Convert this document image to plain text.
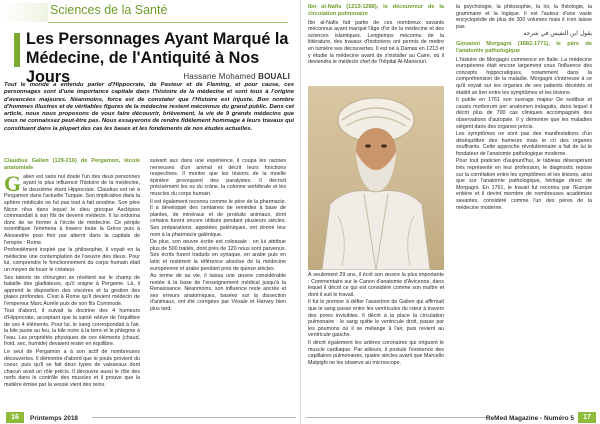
Sciences de la Santé
Les Personnages Ayant Marqué la Médecine, de l'Antiquité à Nos Jours	Hassane Mohamed BOUALI

Tout le monde a entendu parler d'Hippocrate, de Pasteur et de Fleming, et pour cause, ces personnages sont d'une importance capitale dans l'histoire de la médecine et sont tous à l'origine d'avancées majeures. Néanmoins, force est de constater que l'Histoire est injuste. Bon nombre d'hommes illustres et de véritables figures de la médecine restent méconnus du grand public. Dans cet article, nous nous proposons de vous faire découvrir, brièvement, la vie de 9 grands médecins que vous ne connaissez peut-être pas. Nous essayerons de rendre fidèlement hommage à leurs travaux qui constituent dans la plupart des cas les bases et les fondements de nos études actuelles.

Claudius Galien (129-216) de Pergamon, lécole anatomiale

Galien est sans nul doute l'un des deux personnes ayant le plus influencé l'histoire de la médecine, le deuxième étant Hippocrate. Claudius est né à Pergamon dans l'actuelle Turquie. Son implication dans la sphère médicale ne fut pas tout à fait anodine. Son père Nicon rêva dans lequel le dieu grecque Asclépios commandait à son fils de devenir médecin. Il lui ordonna donc de se former à l'école de médecine. Ce périple scientifique l'emmena à travers toute la Grèce puis à Alexandrie pour finir par atterrir dans la capitale de l'empire : Rome.

Profondément inspiré par la philosophie, il voyait en la médecine une contemplation de l'oeuvre des dieux. Pour lui, comprendre le fonctionnement du corps humain était un moyen de louer le créateur.

Ses talents de chirurgien se révèlent sur le champ de bataille des gladiateurs, qu'il soigne à Pergame. Là, il apprend la disposition des viscères et la gestion des plaies profondes. C'est à Rome qu'il devient médecin de l'empereur Marc Aurèle puis de son fils Commode.

Tout d'abord, il suivait la doctrine des 4 humeurs d'Hippocrate, acceptant que la santé relève de l'équilibre de ces 4 éléments. Pour lui, le sang correspondait à l'air, la bile jaune au feu, la bile noire à la terre et le phlegme à l'eau. Les propriétés physiques de ces éléments (chaud, froid, sec, humide) devaient rester en équilibre.

Le seul de Pergamon a à son actif de nombreuses découvertes. Il démontre d'abord que le pouls provient du coeur, puis qu'il se fait deux types de vaisseaux dont chacun avait un rôle précis. Il découvre aussi le rôle des nerfs dans le contrôle des muscles et il prouve que la matière émise par la vessie vient des reins.

suivant aux dans une expérience, il coupa les racines nerveuses d'un animal et décrit leurs fonctions respectives. Il montre que les lésions de la moelle épinière provoquent des paralysies. Il décrivit précisément les os du crâne, la colonne vertébrale et les muscles du corps humain.

Il est également reconnu comme le père de la pharmacie. Il a développé des centaines de remèdes à base de plantes, de minéraux et de produits animaux, dont certains furent encore utilisés pendant plusieurs siècles. Ses préparations, appelées galéniques, ont donné leur nom à la pharmacie galénique.

De plus, son œuvre écrite est colossale : on lui attribue plus de 500 traités, dont près de 120 nous sont parvenus. Ses écrits furent traduits en syriaque, en arabe puis en latin et restèrent la référence absolue de la médecine européenne et arabe pendant près de quinze siècles.

Au terme de sa vie, il laissa une œuvre considérable restée à la base de l'enseignement médical jusqu'à la Renaissance. Néanmoins, son influence reste ancrée et ses erreurs anatomiques, basées sur la dissection d'animaux, ont été corrigées par Vésale et Harvey bien plus tard.

16	Printemps 2018
Ibn al-Nafis (1213-1288), le découvreur de la circulation pulmonaire

Ibn al-Nafis fait partie de ces nombreux savants méconnus ayant marqué l'âge d'or de la médecine et des sciences islamiques. Longtemps méconnu de la littérature, des travaux d'historiens ont permis de mettre en lumière ses découvertes. Il est né à Damas en 1213 et y étudie la médecine avant de s'installer au Caire, où il deviendra le médecin chef de l'hôpital Al-Mansouri.

À seulement 29 ans, il écrit son œuvre la plus importante : Commentaire sur le Canon d'anatomie d'Avicenne, dans lequel il décrit ce qui est considéré comme son maître et dont il suit le travail.

Il fut le premier à défier l'assertion de Galien qui affirmait que le sang passe entre les ventricules du cœur à travers des pores invisibles. Il décrit à la place la circulation pulmonaire : le sang quitte le ventricule droit, passe par les poumons où il se mélange à l'air, puis revient au ventricule gauche.

Il décrit également les artères coronaires qui irriguent le muscle cardiaque. Par ailleurs, il postule l'existence des capillaires pulmonaires, quatre siècles avant que Marcello Malpighi ne les observe au microscope.

la psychologie, la philosophie, la loi, la théologie, la grammaire et la logique. Il est l'auteur d'une vaste encyclopédie de plus de 300 volumes mais il n'en laisse pas.

يقول ابن النفيس في شرحه

Giovanni Morgagni (1682-1771), le père de l'anatomie pathologique

L'histoire de Morgagni commence en Italie. La médecine européenne était encore largement sous l'influence des concepts hippocratiques, notamment dans la compréhension de la maladie. Morgagni s'intéresse à ce qu'il voyait sur les organes de ses patients décédés et établit un lien entre les symptômes et les lésions.

Il publie en 1761 son ouvrage majeur De sedibus et causis morborum per anatomen indagatis, dans lequel il décrit plus de 700 cas cliniques accompagnés des observations d'autopsie. Il y démontre que les maladies siègent dans des organes précis.

Les symptômes ne sont pas des manifestations d'un déséquilibre des humeurs mais le cri des organes souffrants. Cette approche révolutionnaire a fait de lui le fondateur de l'anatomie pathologique moderne.

Pour tout praticien d'aujourd'hui, le tableau désespérant très représenté en leur profession, le diagnostic repose sur la corrélation entre les symptômes et les lésions, ainsi que sur l'anatomie pathologique, héritage direct de Morgagni. En 1761, le travail fut reconnu par l'Europe entière et il devint membre de nombreuses académies savantes, considéré comme l'un des pères de la médecine moderne.

ReMed Magazine - Numéro 5	17
